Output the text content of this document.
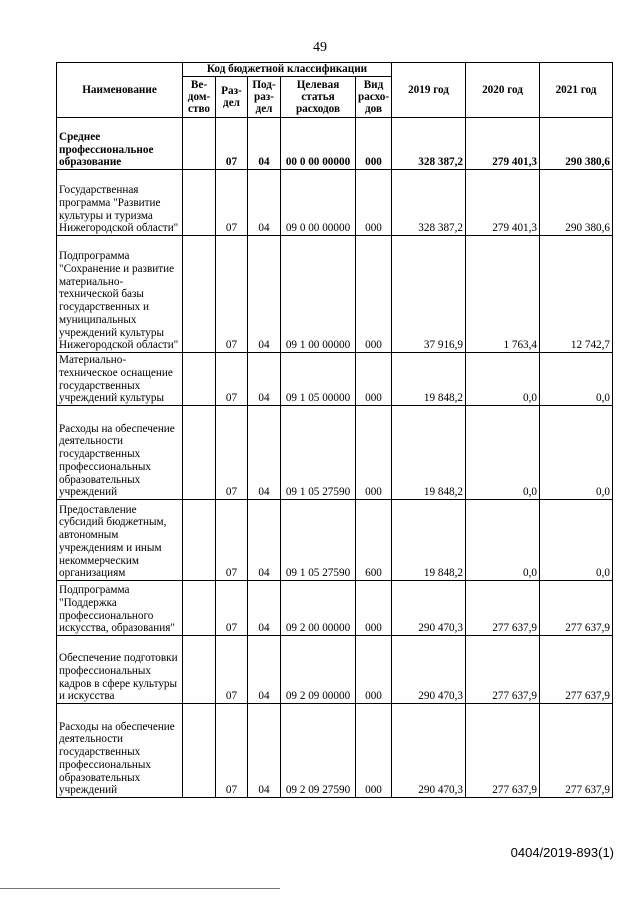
49
Наименование	Код бюджетной классификации					2019 год	2020 год	2021 год
	Ве-дом-ство	Раз-дел	Под-раз-дел	Целевая статья расходов	Вид расхо-дов			
Среднее профессиональное образование		07	04	00 0 00 00000	000	328 387,2	279 401,3	290 380,6
Государственная программа "Развитие культуры и туризма Нижегородской области"		07	04	09 0 00 00000	000	328 387,2	279 401,3	290 380,6
Подпрограмма "Сохранение и развитие материально-технической базы государственных и муниципальных учреждений культуры Нижегородской области"		07	04	09 1 00 00000	000	37 916,9	1 763,4	12 742,7
Материально-техническое оснащение государственных учреждений культуры		07	04	09 1 05 00000	000	19 848,2	0,0	0,0
Расходы на обеспечение деятельности государственных профессиональных образовательных учреждений		07	04	09 1 05 27590	000	19 848,2	0,0	0,0
Предоставление субсидий бюджетным, автономным учреждениям и иным некоммерческим организациям		07	04	09 1 05 27590	600	19 848,2	0,0	0,0
Подпрограмма "Поддержка профессионального искусства, образования"		07	04	09 2 00 00000	000	290 470,3	277 637,9	277 637,9
Обеспечение подготовки профессиональных кадров в сфере культуры и искусства		07	04	09 2 09 00000	000	290 470,3	277 637,9	277 637,9
Расходы на обеспечение деятельности государственных профессиональных образовательных учреждений		07	04	09 2 09 27590	000	290 470,3	277 637,9	277 637,9
0404/2019-893(1)
